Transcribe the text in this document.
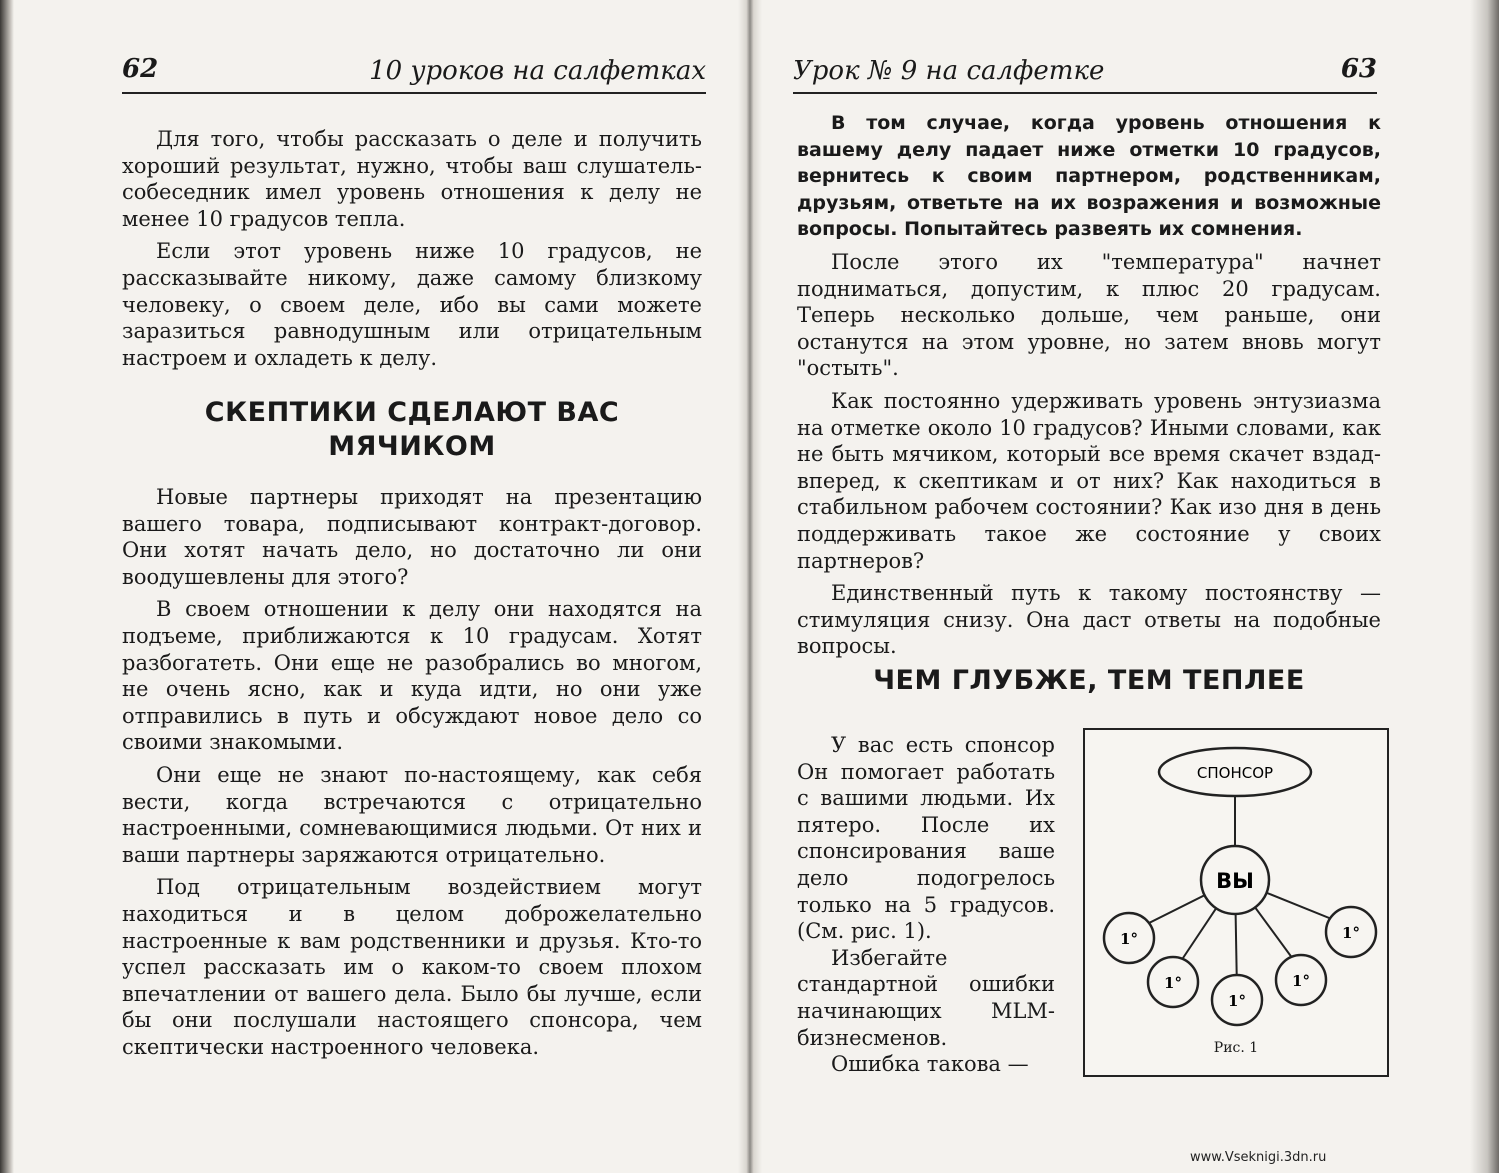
62	10 уроков на салфетках

Для того, чтобы рассказать о деле и получить хороший результат, нужно, чтобы ваш слушатель-собеседник имел уровень отношения к делу не менее 10 градусов тепла.

Если этот уровень ниже 10 градусов, не рассказывайте никому, даже самому близкому человеку, о своем деле, ибо вы сами можете заразиться равнодушным или отрицательным настроем и охладеть к делу.

СКЕПТИКИ СДЕЛАЮТ ВАС МЯЧИКОМ

Новые партнеры приходят на презентацию вашего товара, подписывают контракт-договор. Они хотят начать дело, но достаточно ли они воодушевлены для этого?

В своем отношении к делу они находятся на подъеме, приближаются к 10 градусам. Хотят разбогатеть. Они еще не разобрались во многом, не очень ясно, как и куда идти, но они уже отправились в путь и обсуждают новое дело со своими знакомыми.

Они еще не знают по-настоящему, как себя вести, когда встречаются с отрицательно настроенными, сомневающимися людьми. От них и ваши партнеры заряжаются отрицательно.

Под отрицательным воздействием могут находиться и в целом доброжелательно настроенные к вам родственники и друзья. Кто-то успел рассказать им о каком-то своем плохом впечатлении от вашего дела. Было бы лучше, если бы они послушали настоящего спонсора, чем скептически настроенного человека.

Урок № 9 на салфетке	63

В том случае, когда уровень отношения к вашему делу падает ниже отметки 10 градусов, вернитесь к своим партнером, родственникам, друзьям, ответьте на их возражения и возможные вопросы. Попытайтесь развеять их сомнения.

После этого их "температура" начнет подниматься, допустим, к плюс 20 градусам. Теперь несколько дольше, чем раньше, они останутся на этом уровне, но затем вновь могут "остыть".

Как постоянно удерживать уровень энтузиазма на отметке около 10 градусов? Иными словами, как не быть мячиком, который все время скачет вздад-вперед, к скептикам и от них? Как находиться в стабильном рабочем состоянии? Как изо дня в день поддерживать такое же состояние у своих партнеров?

Единственный путь к такому постоянству — стимуляция снизу. Она даст ответы на подобные вопросы.

ЧЕМ ГЛУБЖЕ, ТЕМ ТЕПЛЕЕ

У вас есть спонсор Он помогает работать с вашими людьми. Их пятеро. После их спонсирования ваше дело подогрелось только на 5 градусов. (См. рис. 1).

Избегайте стандартной ошибки начинающих MLM-бизнесменов.

Ошибка такова —

СПОНСОР
ВЫ
1°
1°
1°
1°
1°
Рис. 1
www.Vseknigi.3dn.ru
